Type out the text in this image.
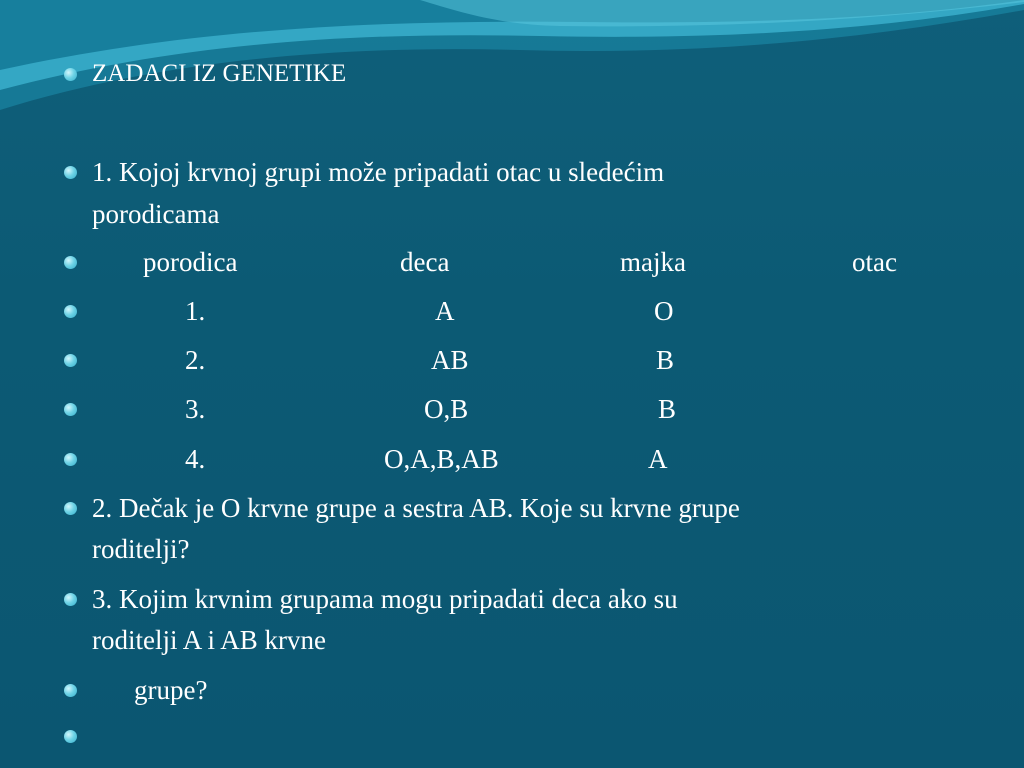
ZADACI IZ GENETIKE
1. Kojoj krvnoj grupi može pripadati otac u sledećim
porodicama
porodica	deca	majka	otac
1.	A	O
2.	AB	B
3.	O,B	B
4.	O,A,B,AB	A
2. Dečak je O krvne grupe a sestra AB. Koje su krvne grupe
roditelji?
3. Kojim krvnim grupama mogu pripadati deca ako su
roditelji A i AB krvne
grupe?
